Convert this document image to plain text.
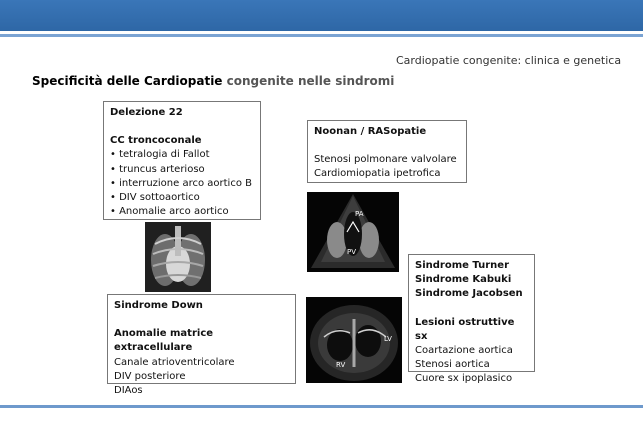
Cardiopatie congenite: clinica e genetica
Specificità delle Cardiopatie congenite nelle sindromi
Delezione 22
CC troncoconale
• tetralogia di Fallot
• truncus arterioso
• interruzione arco aortico B
• DIV sottoaortico
• Anomalie arco aortico
Noonan / RASopatie
Stenosi polmonare valvolare
Cardiomiopatia ipetrofica
PA
PV
Sindrome Down
Anomalie matrice extracellulare
Canale atrioventricolare
DIV posteriore
DIAos
LV
RV
Sindrome Turner
Sindrome Kabuki
Sindrome Jacobsen
Lesioni ostruttive sx
Coartazione aortica
Stenosi aortica
Cuore sx ipoplasico
